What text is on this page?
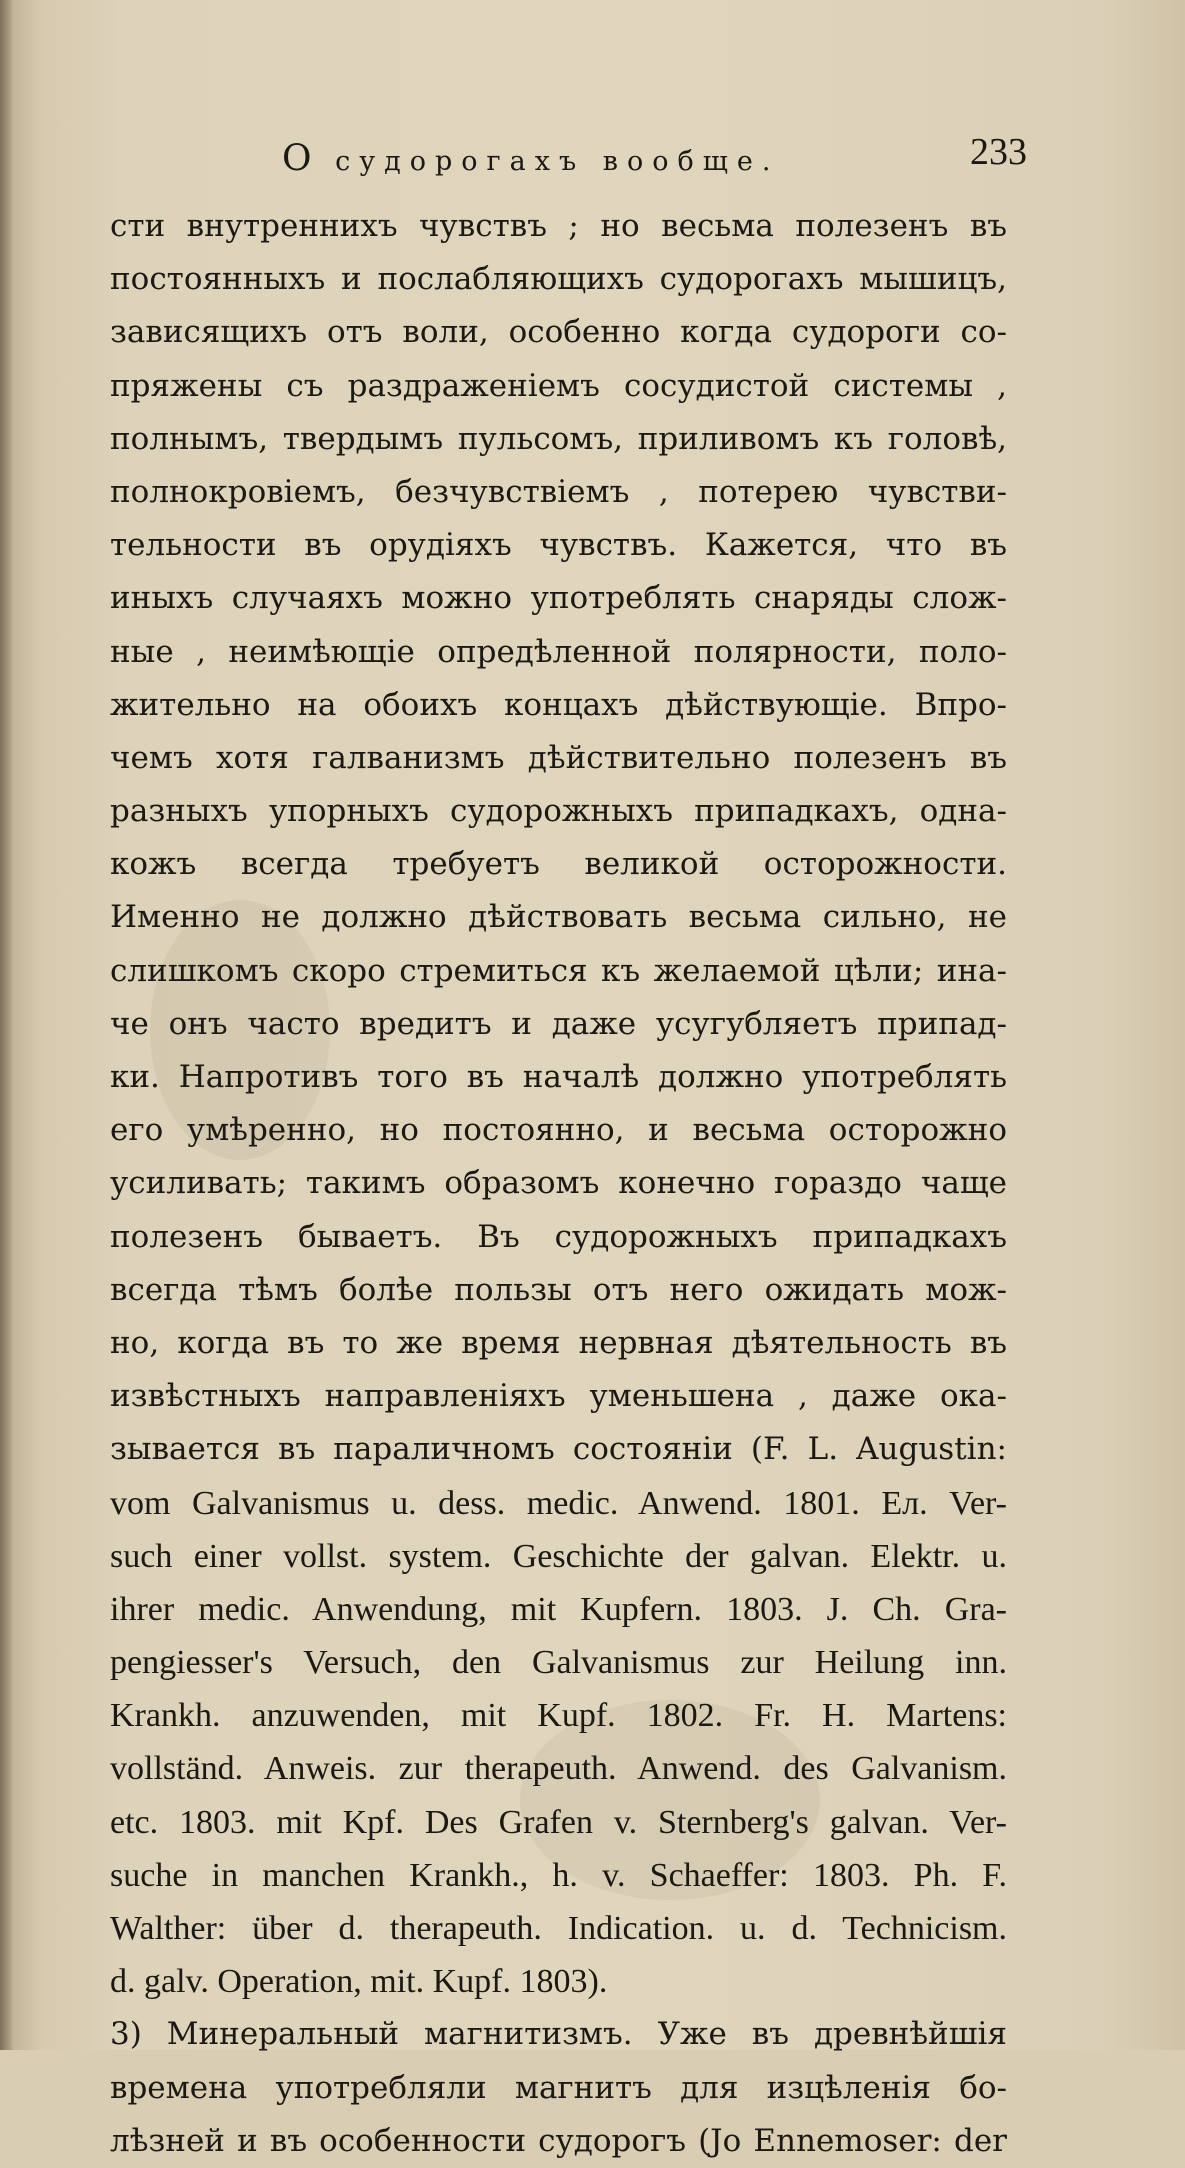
О судорогахъ вообще.	233
сти внутреннихъ чувствъ ; но весьма полезенъ въ
постоянныхъ и послабляющихъ судорогахъ мышицъ,
зависящихъ отъ воли, особенно когда судороги со-
пряжены съ раздраженіемъ сосудистой системы ,
полнымъ, твердымъ пульсомъ, приливомъ къ головѣ,
полнокровіемъ, безчувствіемъ , потерею чувстви-
тельности въ орудіяхъ чувствъ. Кажется, что въ
иныхъ случаяхъ можно употреблять снаряды слож-
ные , неимѣющіе опредѣленной полярности, поло-
жительно на обоихъ концахъ дѣйствующіе. Впро-
чемъ хотя галванизмъ дѣйствительно полезенъ въ
разныхъ упорныхъ судорожныхъ припадкахъ, одна-
кожъ всегда требуетъ великой осторожности.
Именно не должно дѣйствовать весьма сильно, не
слишкомъ скоро стремиться къ желаемой цѣли; ина-
че онъ часто вредитъ и даже усугубляетъ припад-
ки. Напротивъ того въ началѣ должно употреблять
его умѣренно, но постоянно, и весьма осторожно
усиливать; такимъ образомъ конечно гораздо чаще
полезенъ бываетъ. Въ судорожныхъ припадкахъ
всегда тѣмъ болѣе пользы отъ него ожидать мож-
но, когда въ то же время нервная дѣятельность въ
извѣстныхъ направленіяхъ уменьшена , даже ока-
зывается въ параличномъ состояніи (F. L. Augustin:
vom Galvanismus u. dess. medic. Anwend. 1801. Ел. Ver-
such einer vollst. system. Geschichte der galvan. Elektr. u.
ihrer medic. Anwendung, mit Kupfern. 1803. J. Ch. Gra-
pengiesser's Versuch, den Galvanismus zur Heilung inn.
Krankh. anzuwenden, mit Kupf. 1802. Fr. H. Martens:
vollständ. Anweis. zur therapeuth. Anwend. des Galvanism.
etc. 1803. mit Kpf. Des Grafen v. Sternberg's galvan. Ver-
suche in manchen Krankh., h. v. Schaeffer: 1803. Ph. F.
Walther: über d. therapeuth. Indication. u. d. Technicism.
d. galv. Operation, mit. Kupf. 1803).
3) Минеральный магнитизмъ. Уже въ древнѣйшія
времена употребляли магнитъ для изцѣленія бо-
лѣзней и въ особенности судорогъ (Jo Ennemoser: der
